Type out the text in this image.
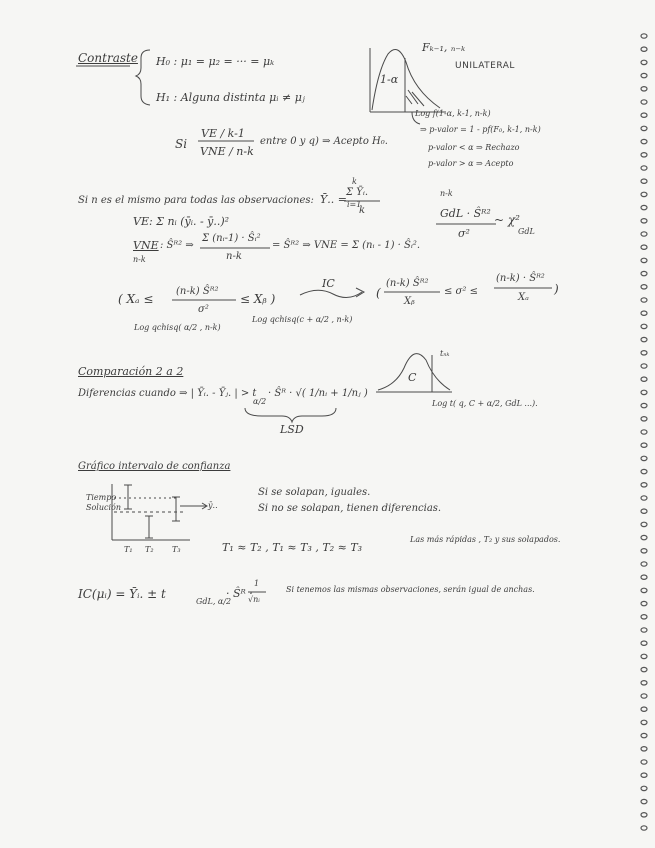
Contraste H₀ : μ₁ = μ₂ = ··· = μₖ
H₁ : Alguna distinta μᵢ ≠ μⱼ
Si
VE / k-1
VNE / n-k
entre 0 y q) ⇒ Acepto H₀.
Fₖ₋₁, ₙ₋ₖ
UNILATERAL
1-α
Log f(1-α, k-1, n-k)
⇒ p-valor = 1 - pf(F₀, k-1, n-k)
p-valor < α ⇒ Rechazo
p-valor > α ⇒ Acepto
Si n es el mismo para todas las observaciones: Ȳ.. =
k
Σ Ȳᵢ.
i=1
k
VE: Σ nᵢ (ȳᵢ. - ȳ..)²
VNE
n-k
: Ŝᴿ² ⇒
Σ (nᵢ-1) · Ŝᵢ²
n-k
= Ŝᴿ² ⇒ VNE = Σ (nᵢ - 1) · Ŝᵢ².
n-k
GdL · Ŝᴿ²
σ²
~ χ²
GdL
( Xₐ ≤
(n-k) Ŝᴿ²
σ²
≤ Xᵦ )
Log qchisq( α/2 , n-k)
Log qchisq(c + α/2 , n-k)
IC
(
(n-k) Ŝᴿ²
Xᵦ
≤ σ² ≤
(n-k) · Ŝᴿ²
Xₐ
)
Comparación 2 a 2
Diferencias cuando ⇒ | Ȳᵢ. - Ȳⱼ. | > t
α/2
· Ŝᴿ · √( 1/nᵢ + 1/nⱼ )
LSD
C
tₙₖ
Log t( q, C + α/2, GdL ...).
Gráfico intervalo de confianza
Tiempo
Solución	ȳ..
T₁ T₂ T₃
Si se solapan, iguales.
Si no se solapan, tienen diferencias.
T₁ ≈ T₂ , T₁ ≈ T₃ , T₂ ≈ T₃
Las más rápidas , T₂ y sus solapados.
IC(μᵢ) = Ȳᵢ. ± t
GdL, α/2
· Ŝᴿ ·
1
√nᵢ
Si tenemos las mismas observaciones, serán igual de anchas.
